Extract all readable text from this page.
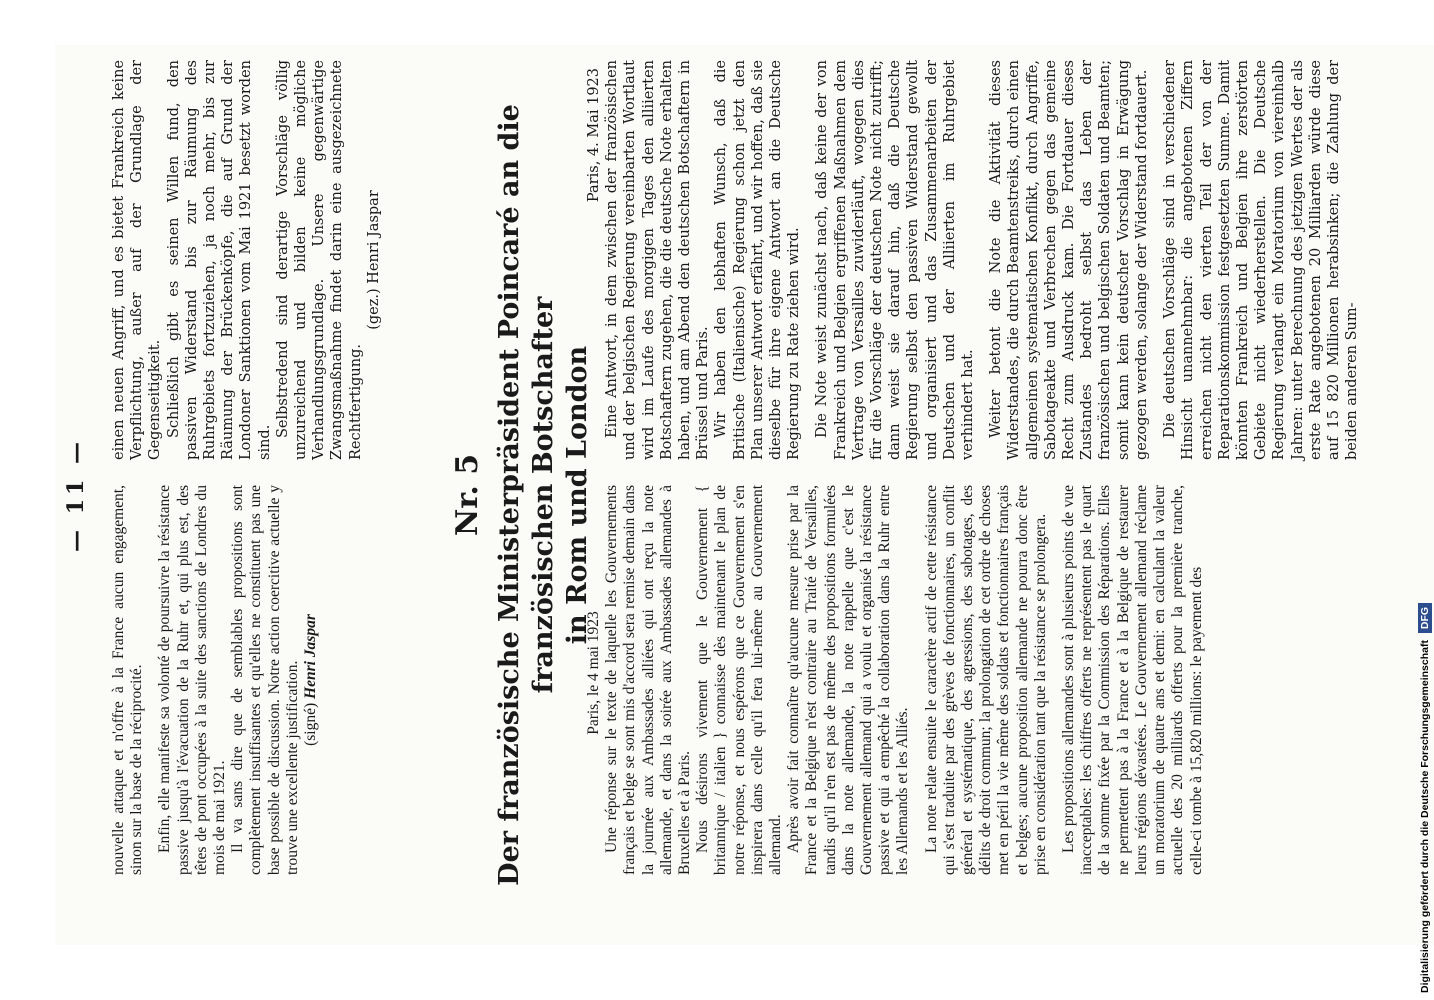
— 11 — nouvelle attaque et n'offre à la France aucun engagement, sinon sur la base de la réciprocité. Enfin, elle manifeste sa volonté de poursuivre la résistance passive jusqu'à l'évacuation de la Ruhr et, qui plus est, des têtes de pont occupées à la suite des sanctions de Londres du mois de mai 1921. Il va sans dire que de semblables propositions sont complètement insuffisantes et qu'elles ne constituent pas une base possible de discussion. Notre action coercitive actuelle y trouve une excellente justification. (signé) Henri Jaspar

einen neuen Angriff, und es bietet Frankreich keine Verpflichtung, außer auf der Grundlage der Gegenseitigkeit. Schließlich gibt es seinen Willen fund, den passiven Widerstand bis zur Räumung des Ruhrgebiets fortzuziehen, ja noch mehr, bis zur Räumung der Brückenköpfe, die auf Grund der Londoner Sanktionen vom Mai 1921 besetzt worden sind.

Selbstredend sind derartige Vorschläge völlig unzureichend und bilden keine mögliche Verhandlungsgrundlage. Unsere gegenwärtige Zwangsmaßnahme findet darin eine ausgezeichnete Rechtfertigung.

(gez.) Henri Jaspar

Nr. 5 Der französische Ministerpräsident Poincaré an die französischen Botschafter in Rom und London

Paris, le 4 mai 1923 Une réponse sur le texte de laquelle les Gouvernements français et belge se sont mis d'accord sera remise demain dans la journée aux Ambassades alliées qui ont reçu la note allemande, et dans la soirée aux Ambassades allemandes à Bruxelles et à Paris. Nous désirons vivement que le Gouvernement { britannique / italien } connaisse dès maintenant le plan de notre réponse, et nous espérons que ce Gouvernement s'en inspirera dans celle qu'il fera lui-même au Gouvernement allemand. Après avoir fait connaître qu'aucune mesure prise par la France et la Belgique n'est contraire au Traité de Versailles, tandis qu'il n'en est pas de même des propositions formulées dans la note allemande, la note rappelle que c'est le Gouvernement allemand qui a voulu et organisé la résistance passive et qui a empêché la collaboration dans la Ruhr entre les Allemands et les Alliés. La note relate ensuite le caractère actif de cette résistance qui s'est traduite par des grèves de fonctionnaires, un conflit général et systématique, des agressions, des sabotages, des délits de droit commun; la prolongation de cet ordre de choses met en péril la vie même des soldats et fonctionnaires français et belges; aucune proposition allemande ne pourra donc être prise en considération tant que la résistance se prolongera. Les propositions allemandes sont à plusieurs points de vue inacceptables: les chiffres offerts ne représentent pas le quart de la somme fixée par la Commission des Réparations. Elles ne permettent pas à la France et à la Belgique de restaurer leurs régions dévastées. Le Gouvernement allemand réclame un moratorium de quatre ans et demi: en calculant la valeur actuelle des 20 milliards offerts pour la première tranche, celle-ci tombe à 15,820 millions: le payement des

Paris, 4. Mai 1923 Eine Antwort, in dem zwischen der französischen und der belgischen Regierung vereinbarten Wortlaut wird im Laufe des morgigen Tages den alliierten Botschaftern zugehen, die die deutsche Note erhalten haben, und am Abend den deutschen Botschaftern in Brüssel und Paris. Wir haben den lebhaften Wunsch, daß die Britische (Italienische) Regierung schon jetzt den Plan unserer Antwort erfährt, und wir hoffen, daß sie dieselbe für ihre eigene Antwort an die Deutsche Regierung zu Rate ziehen wird. Die Note weist zunächst nach, daß keine der von Frankreich und Belgien ergriffenen Maßnahmen dem Vertrage von Versailles zuwiderläuft, wogegen dies für die Vorschläge der deutschen Note nicht zutrifft; dann weist sie darauf hin, daß die Deutsche Regierung selbst den passiven Widerstand gewollt und organisiert und das Zusammenarbeiten der Deutschen und der Alliierten im Ruhrgebiet verhindert hat. Weiter betont die Note die Aktivität dieses Widerstandes, die durch Beamtenstreiks, durch einen allgemeinen systematischen Konflikt, durch Angriffe, Sabotageakte und Verbrechen gegen das gemeine Recht zum Ausdruck kam. Die Fortdauer dieses Zustandes bedroht selbst das Leben der französischen und belgischen Soldaten und Beamten; somit kann kein deutscher Vorschlag in Erwägung gezogen werden, solange der Widerstand fortdauert. Die deutschen Vorschläge sind in verschiedener Hinsicht unannehmbar: die angebotenen Ziffern erreichen nicht den vierten Teil der von der Reparationskommission festgesetzten Summe. Damit könnten Frankreich und Belgien ihre zerstörten Gebiete nicht wiederherstellen. Die Deutsche Regierung verlangt ein Moratorium von viereinhalb Jahren: unter Berechnung des jetzigen Wertes der als erste Rate angebotenen 20 Milliarden würde diese auf 15 820 Millionen herabsinken; die Zahlung der beiden anderen Sum-

Digitalisierung gefördert durch die Deutsche Forschungsgemeinschaft DFG
